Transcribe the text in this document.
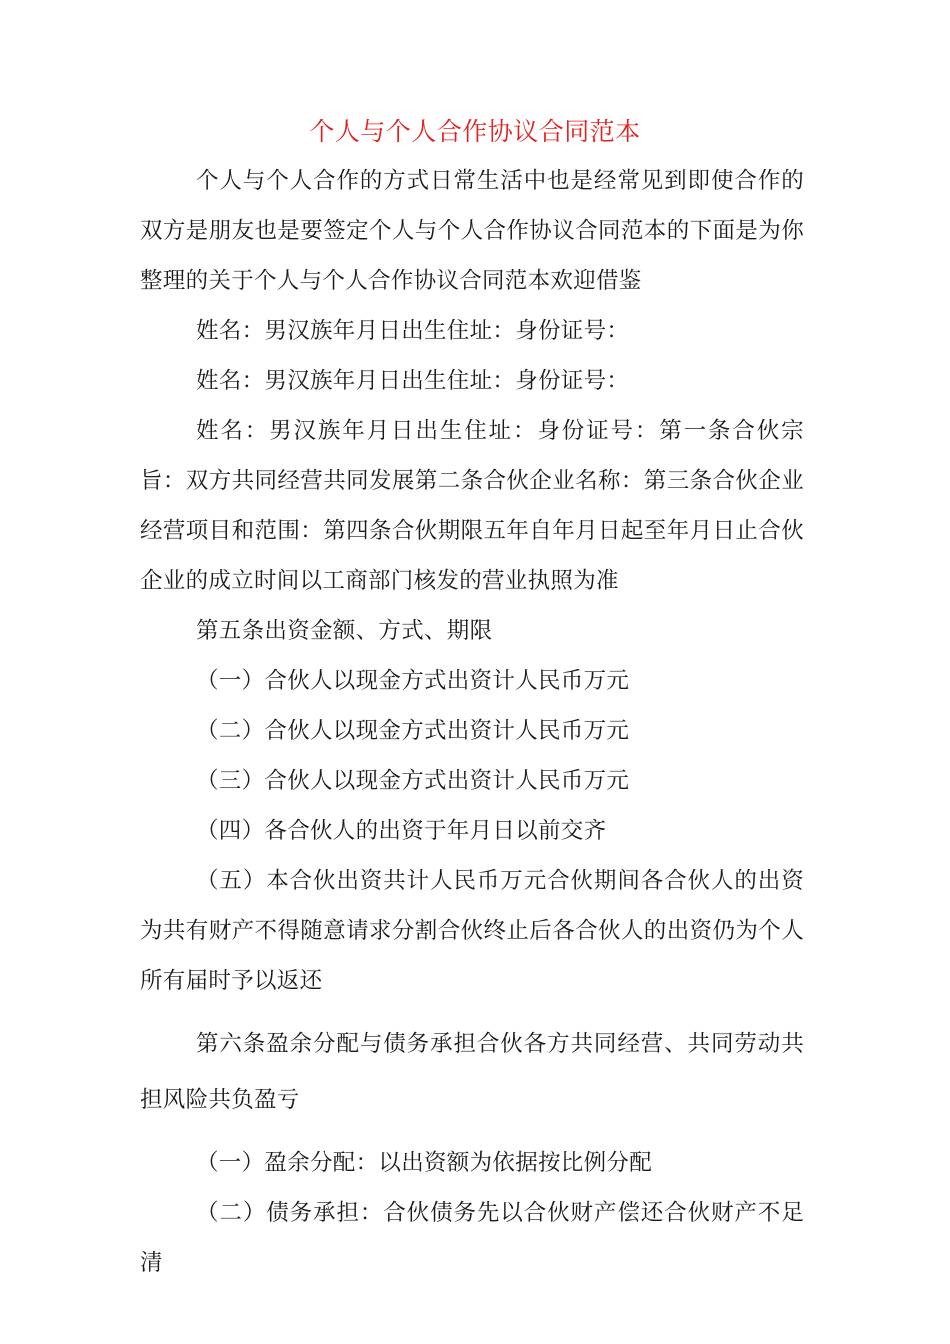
个人与个人合作协议合同范本

个人与个人合作的方式日常生活中也是经常见到即使合作的双方是朋友也是要签定个人与个人合作协议合同范本的下面是为你整理的关于个人与个人合作协议合同范本欢迎借鉴

姓名：男汉族年月日出生住址：身份证号：

姓名：男汉族年月日出生住址：身份证号：

姓名：男汉族年月日出生住址：身份证号：第一条合伙宗旨：双方共同经营共同发展第二条合伙企业名称：第三条合伙企业经营项目和范围：第四条合伙期限五年自年月日起至年月日止合伙企业的成立时间以工商部门核发的营业执照为准

第五条出资金额、方式、期限

（一）合伙人以现金方式出资计人民币万元

（二）合伙人以现金方式出资计人民币万元

（三）合伙人以现金方式出资计人民币万元

（四）各合伙人的出资于年月日以前交齐

（五）本合伙出资共计人民币万元合伙期间各合伙人的出资为共有财产不得随意请求分割合伙终止后各合伙人的出资仍为个人所有届时予以返还

第六条盈余分配与债务承担合伙各方共同经营、共同劳动共担风险共负盈亏

（一）盈余分配：以出资额为依据按比例分配

（二）债务承担：合伙债务先以合伙财产偿还合伙财产不足清
